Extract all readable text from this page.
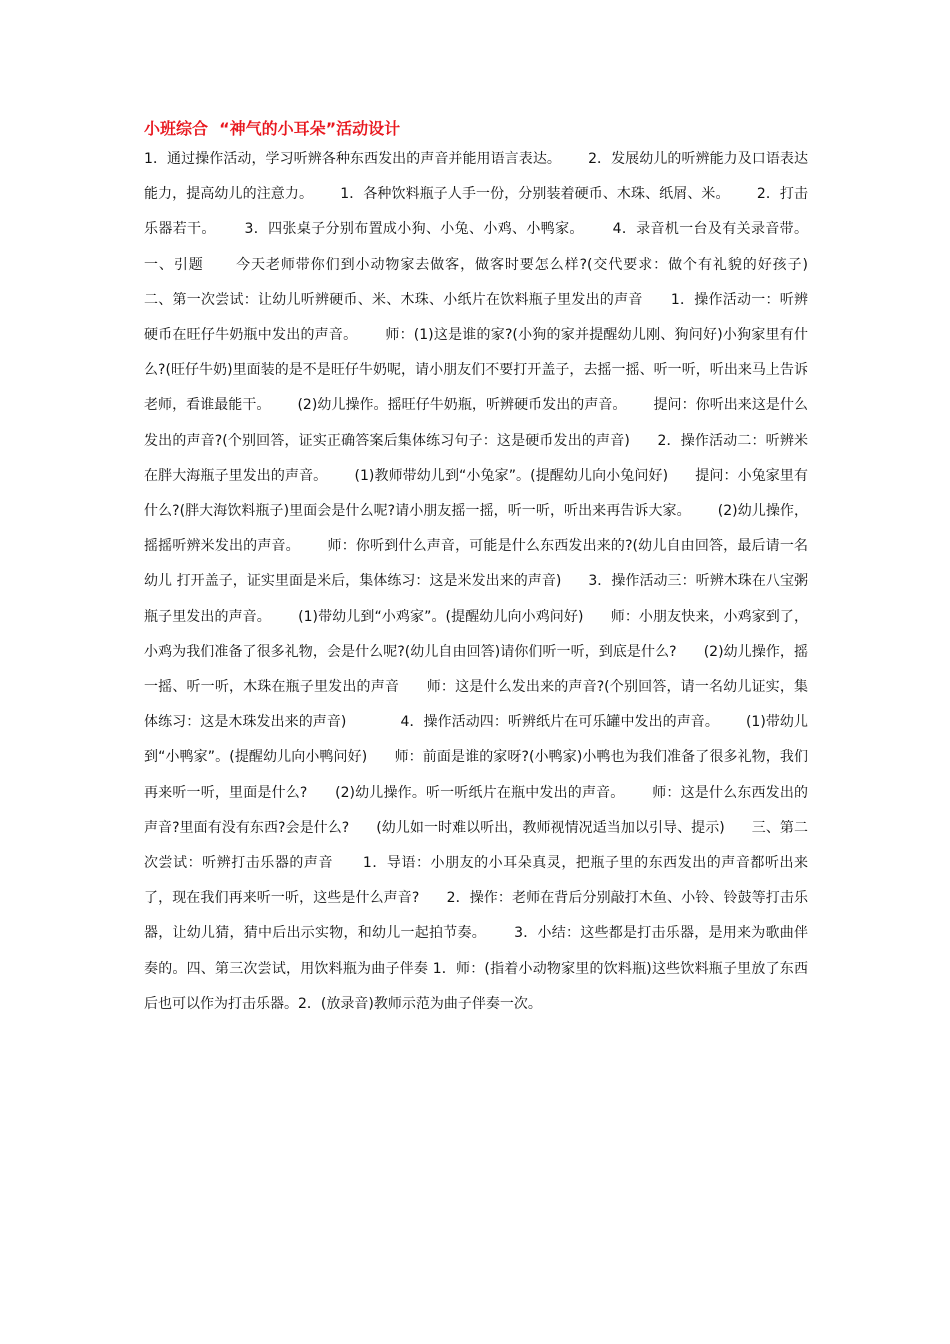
小班综合  “神气的小耳朵”活动设计

1．通过操作活动，学习听辨各种东西发出的声音并能用语言表达。      2．发展幼儿的听辨能力及口语表达能力，提高幼儿的注意力。      1．各种饮料瓶子人手一份，分别装着硬币、木珠、纸屑、米。      2．打击乐器若干。      3．四张桌子分别布置成小狗、小兔、小鸡、小鸭家。      4．录音机一台及有关录音带。            一、引题      今天老师带你们到小动物家去做客，做客时要怎么样?(交代要求：做个有礼貌的好孩子)      二、第一次尝试：让幼儿听辨硬币、米、木珠、小纸片在饮料瓶子里发出的声音      1．操作活动一：听辨硬币在旺仔牛奶瓶中发出的声音。      师：(1)这是谁的家?(小狗的家并提醒幼儿刚、狗问好)小狗家里有什么?(旺仔牛奶)里面装的是不是旺仔牛奶呢，请小朋友们不要打开盖子，去摇一摇、听一听，听出来马上告诉老师，看谁最能干。      (2)幼儿操作。摇旺仔牛奶瓶，听辨硬币发出的声音。      提问：你听出来这是什么发出的声音?(个别回答，证实正确答案后集体练习句子：这是硬币发出的声音)      2．操作活动二：听辨米在胖大海瓶子里发出的声音。      (1)教师带幼儿到“小兔家”。(提醒幼儿向小兔问好)      提问：小兔家里有什么?(胖大海饮料瓶子)里面会是什么呢?请小朋友摇一摇，听一听，听出来再告诉大家。      (2)幼儿操作，摇摇听辨米发出的声音。      师：你听到什么声音，可能是什么东西发出来的?(幼儿自由回答，最后请一名幼儿 打开盖子，证实里面是米后，集体练习：这是米发出来的声音)      3．操作活动三：听辨木珠在八宝粥瓶子里发出的声音。      (1)带幼儿到“小鸡家”。(提醒幼儿向小鸡问好)      师：小朋友快来，小鸡家到了，小鸡为我们准备了很多礼物，会是什么呢?(幼儿自由回答)请你们听一听，到底是什么?      (2)幼儿操作，摇一摇、听一听，木珠在瓶子里发出的声音      师：这是什么发出来的声音?(个别回答，请一名幼儿证实，集体练习：这是木珠发出来的声音)            4．操作活动四：听辨纸片在可乐罐中发出的声音。      (1)带幼儿到“小鸭家”。(提醒幼儿向小鸭问好)      师：前面是谁的家呀?(小鸭家)小鸭也为我们准备了很多礼物，我们再来听一听，里面是什么?      (2)幼儿操作。听一听纸片在瓶中发出的声音。      师：这是什么东西发出的声音?里面有没有东西?会是什么?      (幼儿如一时难以听出，教师视情况适当加以引导、提示)      三、第二次尝试：听辨打击乐器的声音      1．导语：小朋友的小耳朵真灵，把瓶子里的东西发出的声音都听出来了，现在我们再来听一听，这些是什么声音?      2．操作：老师在背后分别敲打木鱼、小铃、铃鼓等打击乐器，让幼儿猜，猜中后出示实物，和幼儿一起拍节奏。      3．小结：这些都是打击乐器，是用来为歌曲伴奏的。四、第三次尝试，用饮料瓶为曲子伴奏 1．师：(指着小动物家里的饮料瓶)这些饮料瓶子里放了东西后也可以作为打击乐器。2．(放录音)教师示范为曲子伴奏一次。
